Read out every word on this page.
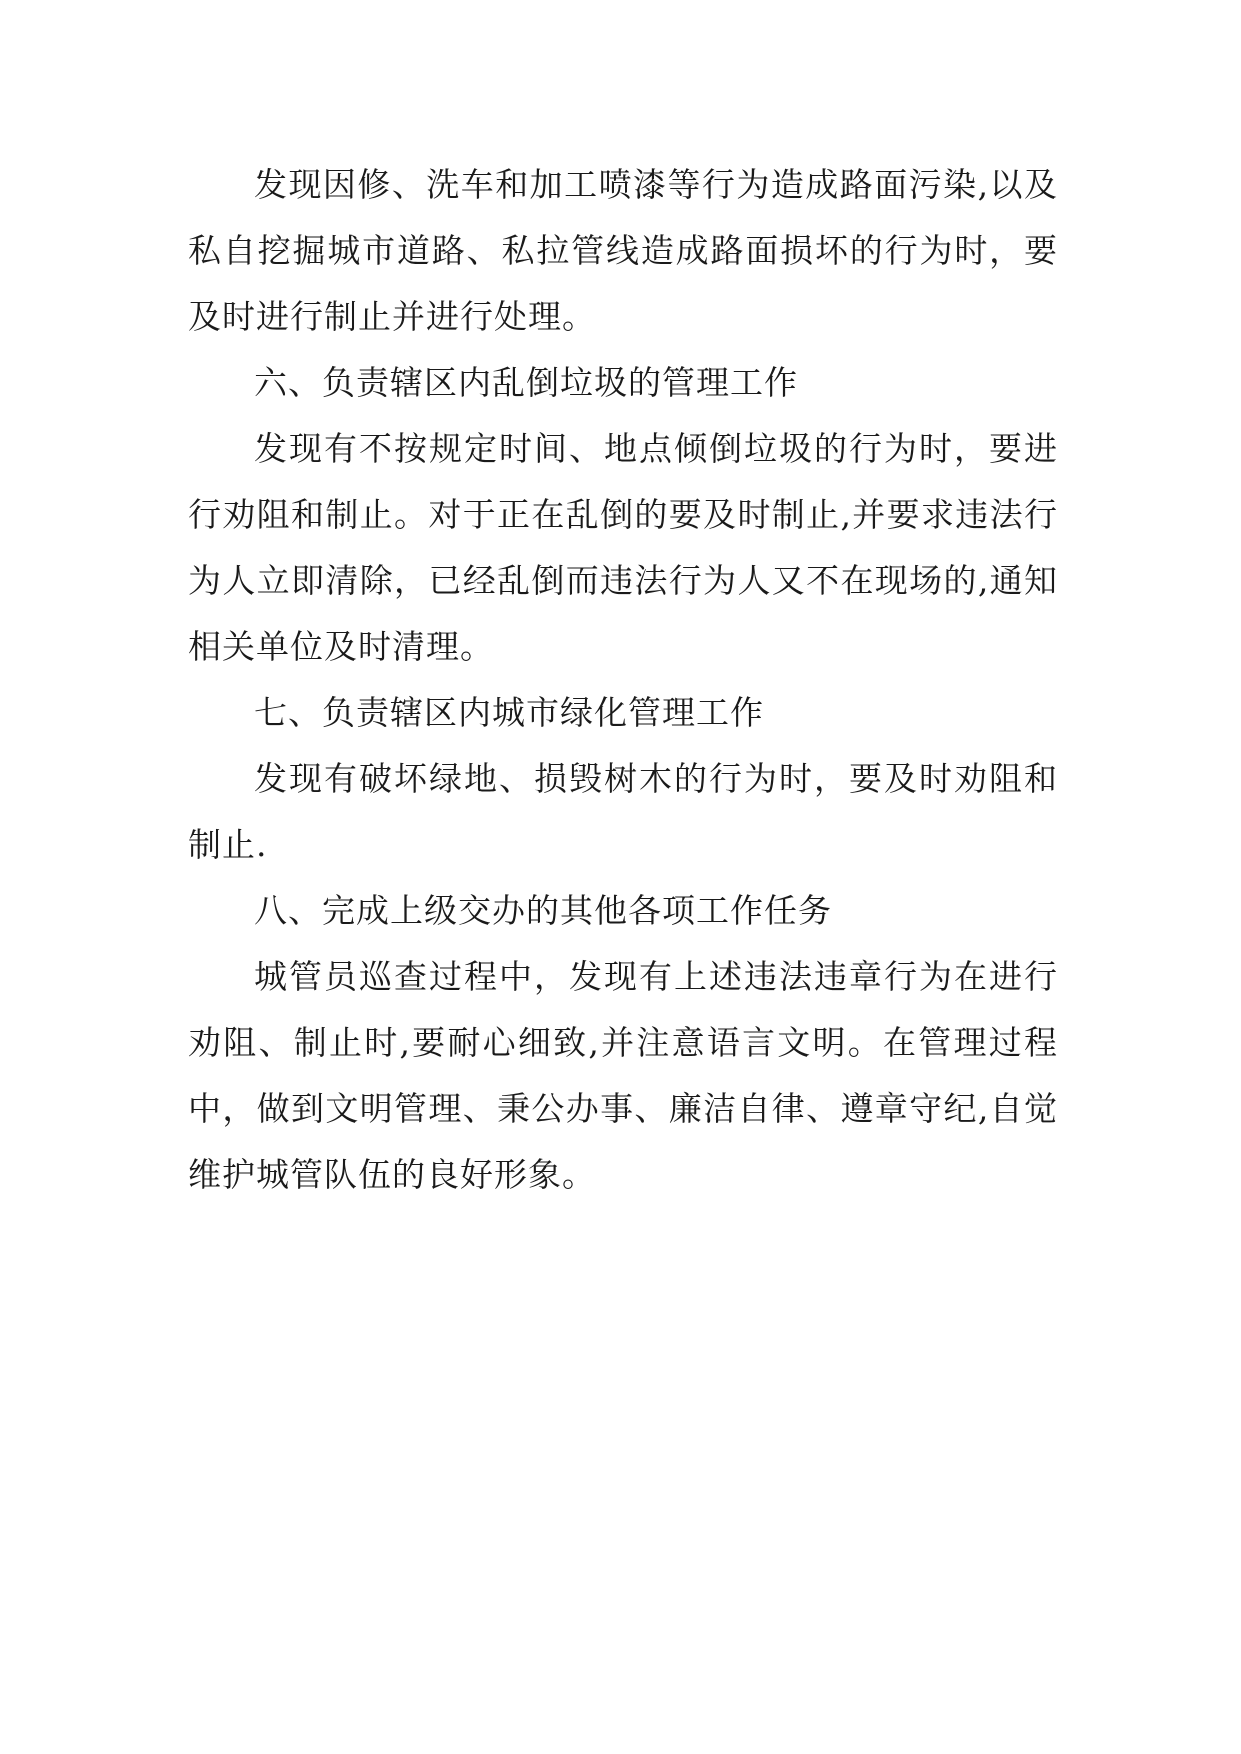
发现因修、洗车和加工喷漆等行为造成路面污染,以及私自挖掘城市道路、私拉管线造成路面损坏的行为时，要及时进行制止并进行处理。

六、负责辖区内乱倒垃圾的管理工作

发现有不按规定时间、地点倾倒垃圾的行为时，要进行劝阻和制止。对于正在乱倒的要及时制止,并要求违法行为人立即清除，已经乱倒而违法行为人又不在现场的,通知相关单位及时清理。

七、负责辖区内城市绿化管理工作

发现有破坏绿地、损毁树木的行为时，要及时劝阻和制止.

八、完成上级交办的其他各项工作任务

城管员巡查过程中，发现有上述违法违章行为在进行劝阻、制止时,要耐心细致,并注意语言文明。在管理过程中，做到文明管理、秉公办事、廉洁自律、遵章守纪,自觉维护城管队伍的良好形象。
